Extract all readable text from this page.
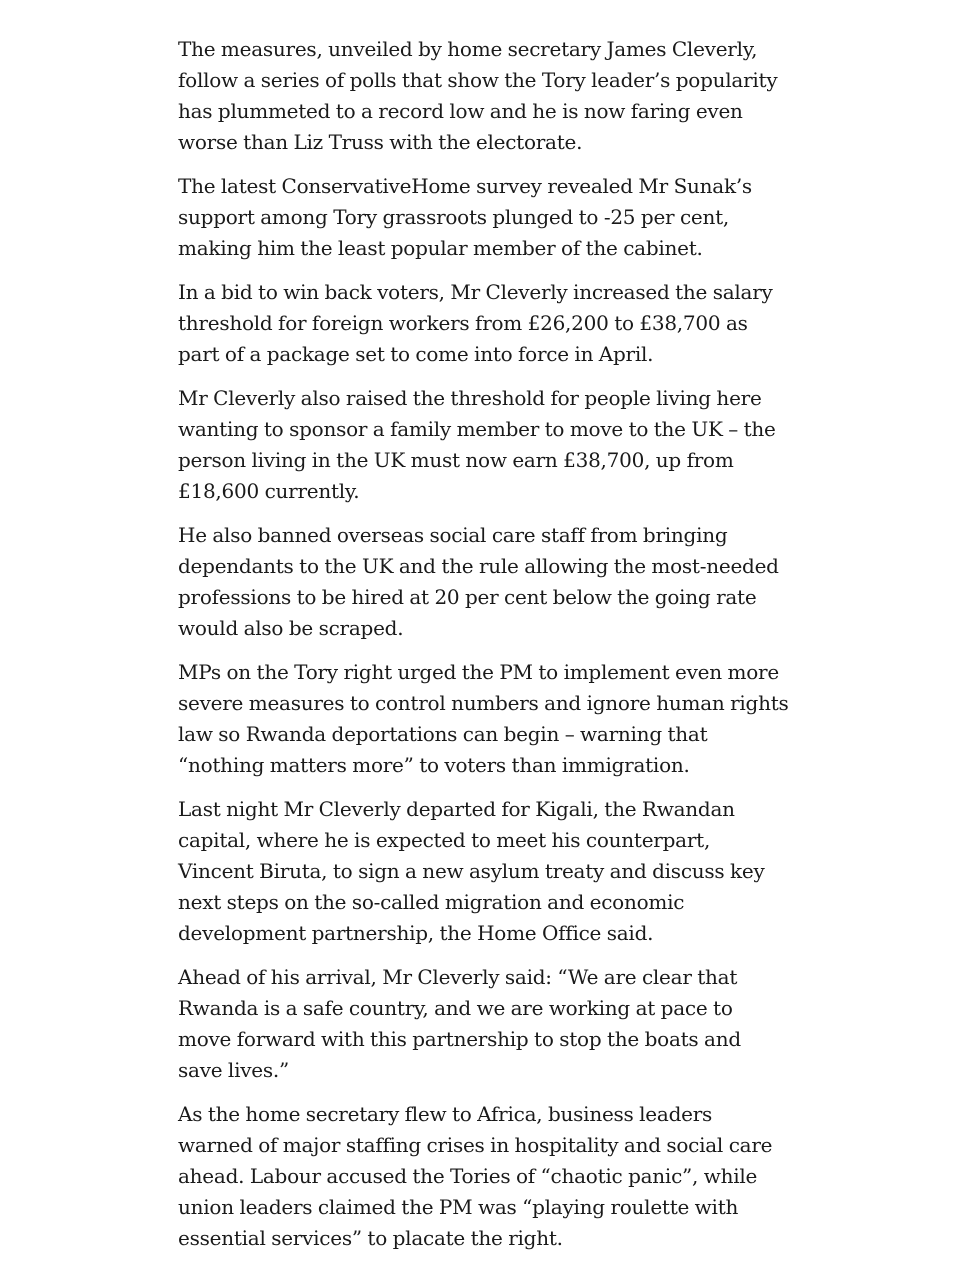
The measures, unveiled by home secretary James Cleverly, follow a series of polls that show the Tory leader’s popularity has plummeted to a record low and he is now faring even worse than Liz Truss with the electorate.

The latest ConservativeHome survey revealed Mr Sunak’s support among Tory grassroots plunged to -25 per cent, making him the least popular member of the cabinet.

In a bid to win back voters, Mr Cleverly increased the salary threshold for foreign workers from £26,200 to £38,700 as part of a package set to come into force in April.

Mr Cleverly also raised the threshold for people living here wanting to sponsor a family member to move to the UK – the person living in the UK must now earn £38,700, up from £18,600 currently.

He also banned overseas social care staff from bringing dependants to the UK and the rule allowing the most-needed professions to be hired at 20 per cent below the going rate would also be scraped.

MPs on the Tory right urged the PM to implement even more severe measures to control numbers and ignore human rights law so Rwanda deportations can begin – warning that “nothing matters more” to voters than immigration.

Last night Mr Cleverly departed for Kigali, the Rwandan capital, where he is expected to meet his counterpart, Vincent Biruta, to sign a new asylum treaty and discuss key next steps on the so-called migration and economic development partnership, the Home Office said.

Ahead of his arrival, Mr Cleverly said: “We are clear that Rwanda is a safe country, and we are working at pace to move forward with this partnership to stop the boats and save lives.”

As the home secretary flew to Africa, business leaders warned of major staffing crises in hospitality and social care ahead. Labour accused the Tories of “chaotic panic”, while union leaders claimed the PM was “playing roulette with essential services” to placate the right.
